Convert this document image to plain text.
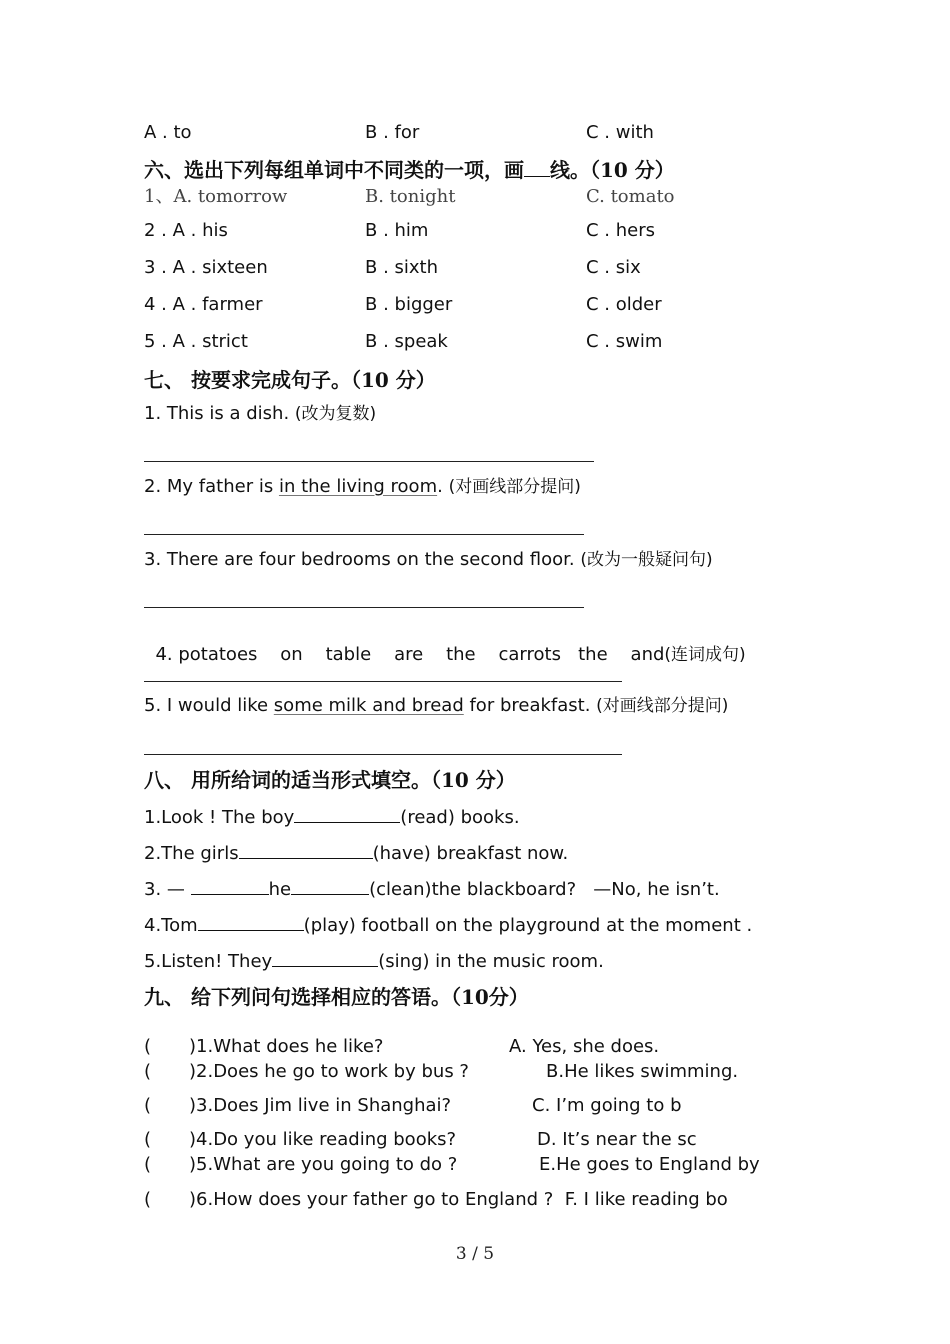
A . to	B . for	C . with
六、选出下列每组单词中不同类的一项，画 线。（10 分）
1、A. tomorrow	B. tonight	C. tomato
2 . A . his	B . him	C . hers
3 . A . sixteen	B . sixth	C . six
4 . A . farmer	B . bigger	C . older
5 . A . strict	B . speak	C . swim
七、 按要求完成句子。（10 分）
1. This is a dish. (改为复数)
2. My father is in the living room. (对画线部分提问)
3. There are four bedrooms on the second floor. (改为一般疑问句)

4. potatoes    on    table    are    the    carrots   the    and(连词成句)

5. I would like some milk and bread for breakfast. (对画线部分提问)
八、 用所给词的适当形式填空。（10 分）
1.Look ! The boy	(read) books.
2.The girls	(have) breakfast now.
3. —	he	(clean)the blackboard?   —No, he isn’t.
4.Tom	(play) football on the playground at the moment .
5.Listen! They	(sing) in the music room.
九、 给下列问句选择相应的答语。（10分）
( )1.What does he like?	A. Yes, she does.
( )2.Does he go to work by bus ?	B.He likes swimming.
( )3.Does Jim live in Shanghai?	C. I’m going to b
( )4.Do you like reading books?	D. It’s near the sc
( )5.What are you going to do ?	E.He goes to England by
( )6.How does your father go to England ?  F. I like reading bo
3 / 5
